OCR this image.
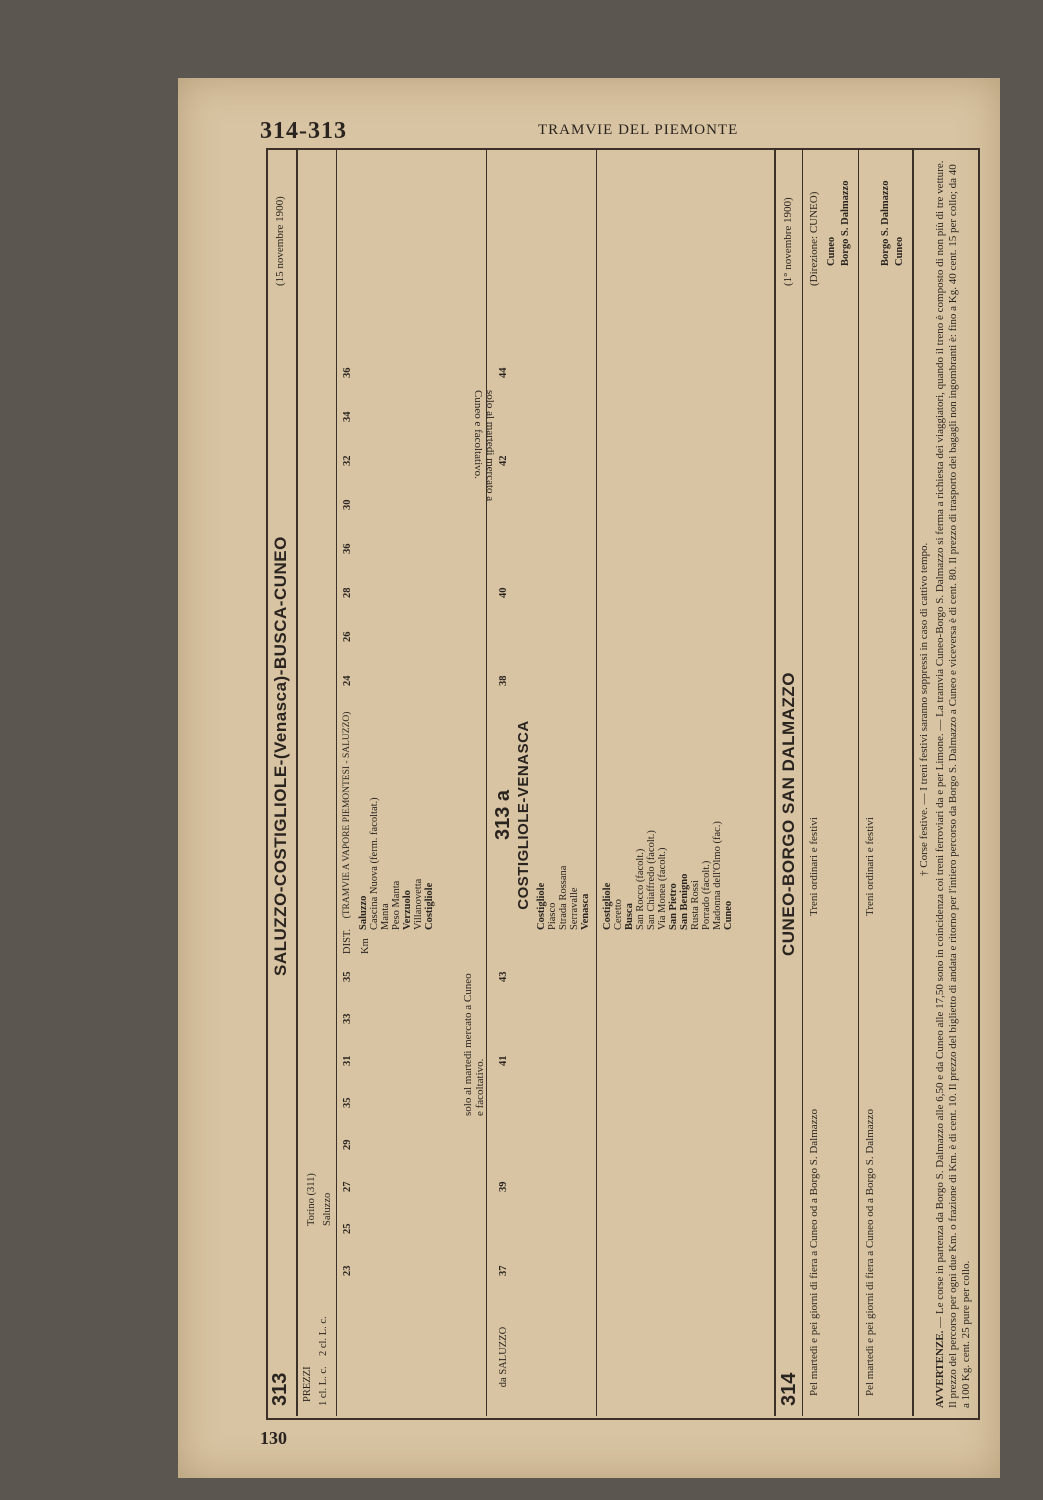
314-313	TRAMVIE DEL PIEMONTE
130
313
SALUZZO-COSTIGLIOLE-(Venasca)-BUSCA-CUNEO
(15 novembre 1900)
PREZZI 1 cl. L. c.
2 cl. L. c.
Torino (311) Saluzzo
(TRAMVIE A VAPORE PIEMONTESI - SALUZZO) Saluzzo Cascina Nuova (ferm. facoltat.) Manta Peso Manta Verzuolo Villanovetta Costigliole
DIST. Km
23
25
27
29
35
31
33
35
24
26
28
36
30
32
34
36
solo al martedì mercato a Cuneo e facoltativo.
313 a COSTIGLIOLE-VENASCA Costigliole Piasco Strada Rossana Serravalle Venasca
da SALUZZO
37
39
41
43
38
40
42
44
Costigliole Ceretto Busca San Rocco (facolt.) San Chiaffredo (facolt.) Via Monea (facolt.) San Pietro San Benigno Rusta Rossi Porrado (facolt.) Madonna dell'Olmo (fac.) Cuneo
solo al martedì mercato a Cuneo e facoltativo.
314
CUNEO-BORGO SAN DALMAZZO
(1° novembre 1900)
Pel martedì e pei giorni di fiera a Cuneo od a Borgo S. Dalmazzo
Treni ordinari e festivi
(Direzione: CUNEO) Cuneo Borgo S. Dalmazzo
Pel martedì e pei giorni di fiera a Cuneo od a Borgo S. Dalmazzo
Treni ordinari e festivi
Borgo S. Dalmazzo Cuneo
† Corse festive. — I treni festivi saranno soppressi in caso di cattivo tempo.
AVVERTENZE. — Le corse in partenza da Borgo S. Dalmazzo alle 6,50 e da Cuneo alle 17,50 sono in coincidenza coi treni ferroviari da e per Limone. — La tramvia Cuneo-Borgo S. Dalmazzo si ferma a richiesta dei viaggiatori, quando il treno è composto di non più di tre vetture. Il prezzo del percorso per ogni due Km. o frazione di Km. è di cent. 10. Il prezzo del biglietto di andata e ritorno per l'intiero percorso da Borgo S. Dalmazzo a Cuneo e viceversa è di cent. 80. Il prezzo di trasporto dei bagagli non ingombranti è: fino a Kg. 40 cent. 15 per collo; da 40 a 100 Kg. cent. 25 pure per collo.
